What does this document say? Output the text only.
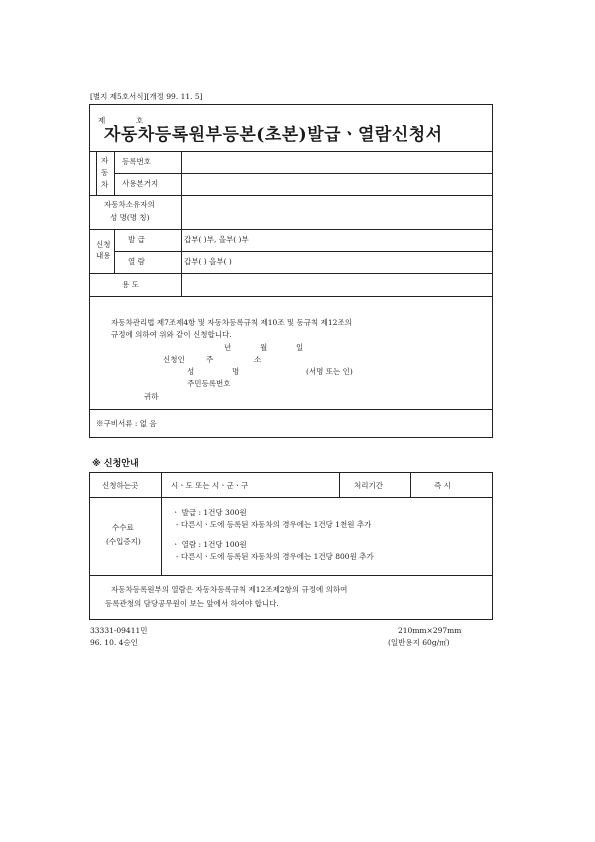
[별지 제5호서식][개정 99. 11. 5]
제	호
자동차등록원부등본(초본)발급ㆍ열람신청서
자
동
차
등록번호
사용본거지
자동차소유자의
성 명(명 칭)
신청
내용
발 급	갑부( )부, 을부( )부
열 람	갑부( ) 을부( )
용 도
자동차관리법 제7조제4항 및 자동차등록규칙 제10조 및 동규칙 제12조의
규정에 의하여 위와 같이 신청합니다.
년	월	일
신청인	주	소
성	명	(서명 또는 인)
주민등록번호
귀하
※구비서류 : 없 음
※ 신청안내
신청하는곳	시ㆍ도 또는 시ㆍ군ㆍ구	처리기간	즉 시
수수료
(수입증지)
ㆍ 발급 : 1건당 300원
- 다른시ㆍ도에 등록된 자동차의 경우에는 1건당 1천원 추가
ㆍ 열람 : 1건당 100원
- 다른시ㆍ도에 등록된 자동차의 경우에는 1건당 800원 추가
자동차등록원부의 열람은 자동차등록규칙 제12조제2항의 규정에 의하여
등록관청의 담당공무원이 보는 앞에서 하여야 합니다.
33331-09411민
96. 10. 4승인
210mm×297mm
(일반용지 60g/㎡)
